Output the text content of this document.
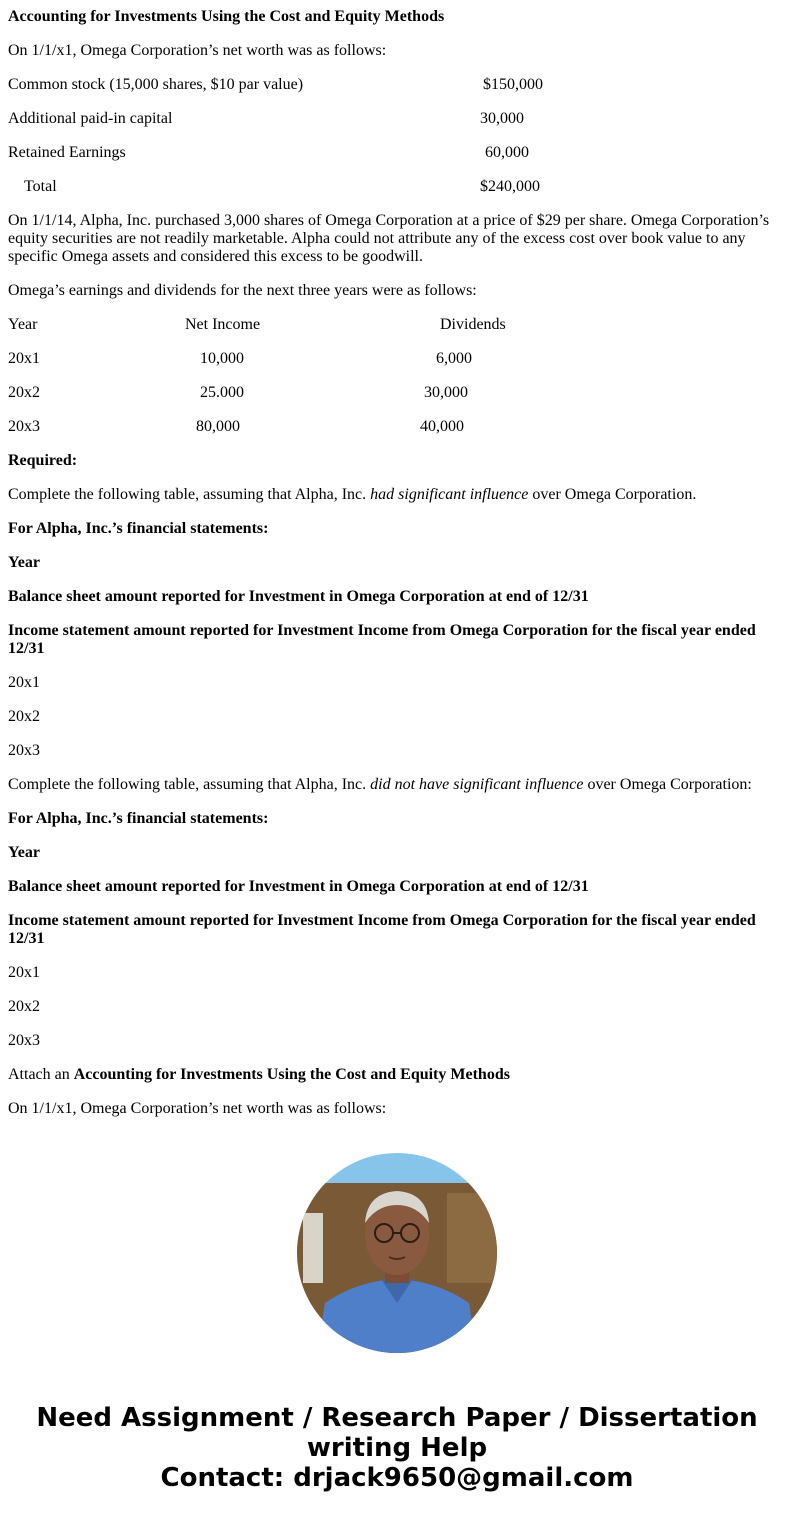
Accounting for Investments Using the Cost and Equity Methods

On 1/1/x1, Omega Corporation’s net worth was as follows:

Common stock (15,000 shares, $10 par value)	$150,000
Additional paid-in capital	30,000
Retained Earnings	60,000
Total	$240,000

On 1/1/14, Alpha, Inc. purchased 3,000 shares of Omega Corporation at a price of $29 per share. Omega Corporation’s equity securities are not readily marketable. Alpha could not attribute any of the excess cost over book value to any specific Omega assets and considered this excess to be goodwill.

Omega’s earnings and dividends for the next three years were as follows:

Year	Net Income	Dividends
20x1	10,000	6,000
20x2	25.000	30,000
20x3	80,000	40,000

Required:

Complete the following table, assuming that Alpha, Inc. had significant influence over Omega Corporation.

For Alpha, Inc.’s financial statements:

Year

Balance sheet amount reported for Investment in Omega Corporation at end of 12/31

Income statement amount reported for Investment Income from Omega Corporation for the fiscal year ended 12/31

20x1

20x2

20x3

Complete the following table, assuming that Alpha, Inc. did not have significant influence over Omega Corporation:

For Alpha, Inc.’s financial statements:

Year

Balance sheet amount reported for Investment in Omega Corporation at end of 12/31

Income statement amount reported for Investment Income from Omega Corporation for the fiscal year ended 12/31

20x1

20x2

20x3

Attach an Accounting for Investments Using the Cost and Equity Methods

On 1/1/x1, Omega Corporation’s net worth was as follows:

Need Assignment / Research Paper / Dissertation
writing Help
Contact: drjack9650@gmail.com
